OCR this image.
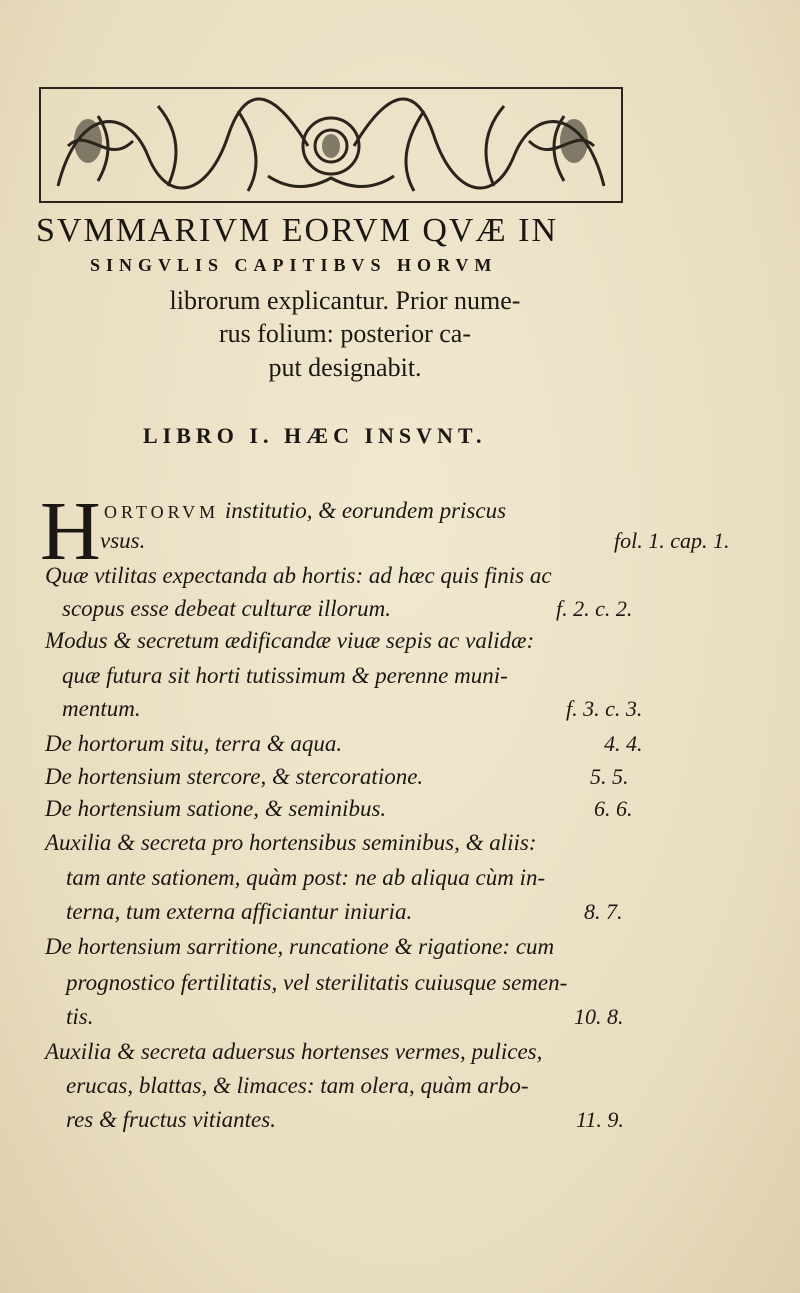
SVMMARIVM EORVM QVÆ IN
SINGVLIS CAPITIBVS HORVM
librorum explicantur. Prior nume-
rus folium: posterior ca-
put designabit.
LIBRO I. HÆC INSVNT.
H ORTORVM institutio, & eorundem priscus
vsus.	fol. 1. cap. 1.
Quæ vtilitas expectanda ab hortis: ad hæc quis finis ac
scopus esse debeat culturæ illorum.	f. 2. c. 2.
Modus & secretum ædificandæ viuæ sepis ac validæ:
quæ futura sit horti tutissimum & perenne muni-
mentum.	f. 3. c. 3.
De hortorum situ, terra & aqua.	4. 4.
De hortensium stercore, & stercoratione.	5. 5.
De hortensium satione, & seminibus.	6. 6.
Auxilia & secreta pro hortensibus seminibus, & aliis:
tam ante sationem, quàm post: ne ab aliqua cùm in-
terna, tum externa afficiantur iniuria.	8. 7.
De hortensium sarritione, runcatione & rigatione: cum
prognostico fertilitatis, vel sterilitatis cuiusque semen-
tis.	10. 8.
Auxilia & secreta aduersus hortenses vermes, pulices,
erucas, blattas, & limaces: tam olera, quàm arbo-
res & fructus vitiantes.	11. 9.
